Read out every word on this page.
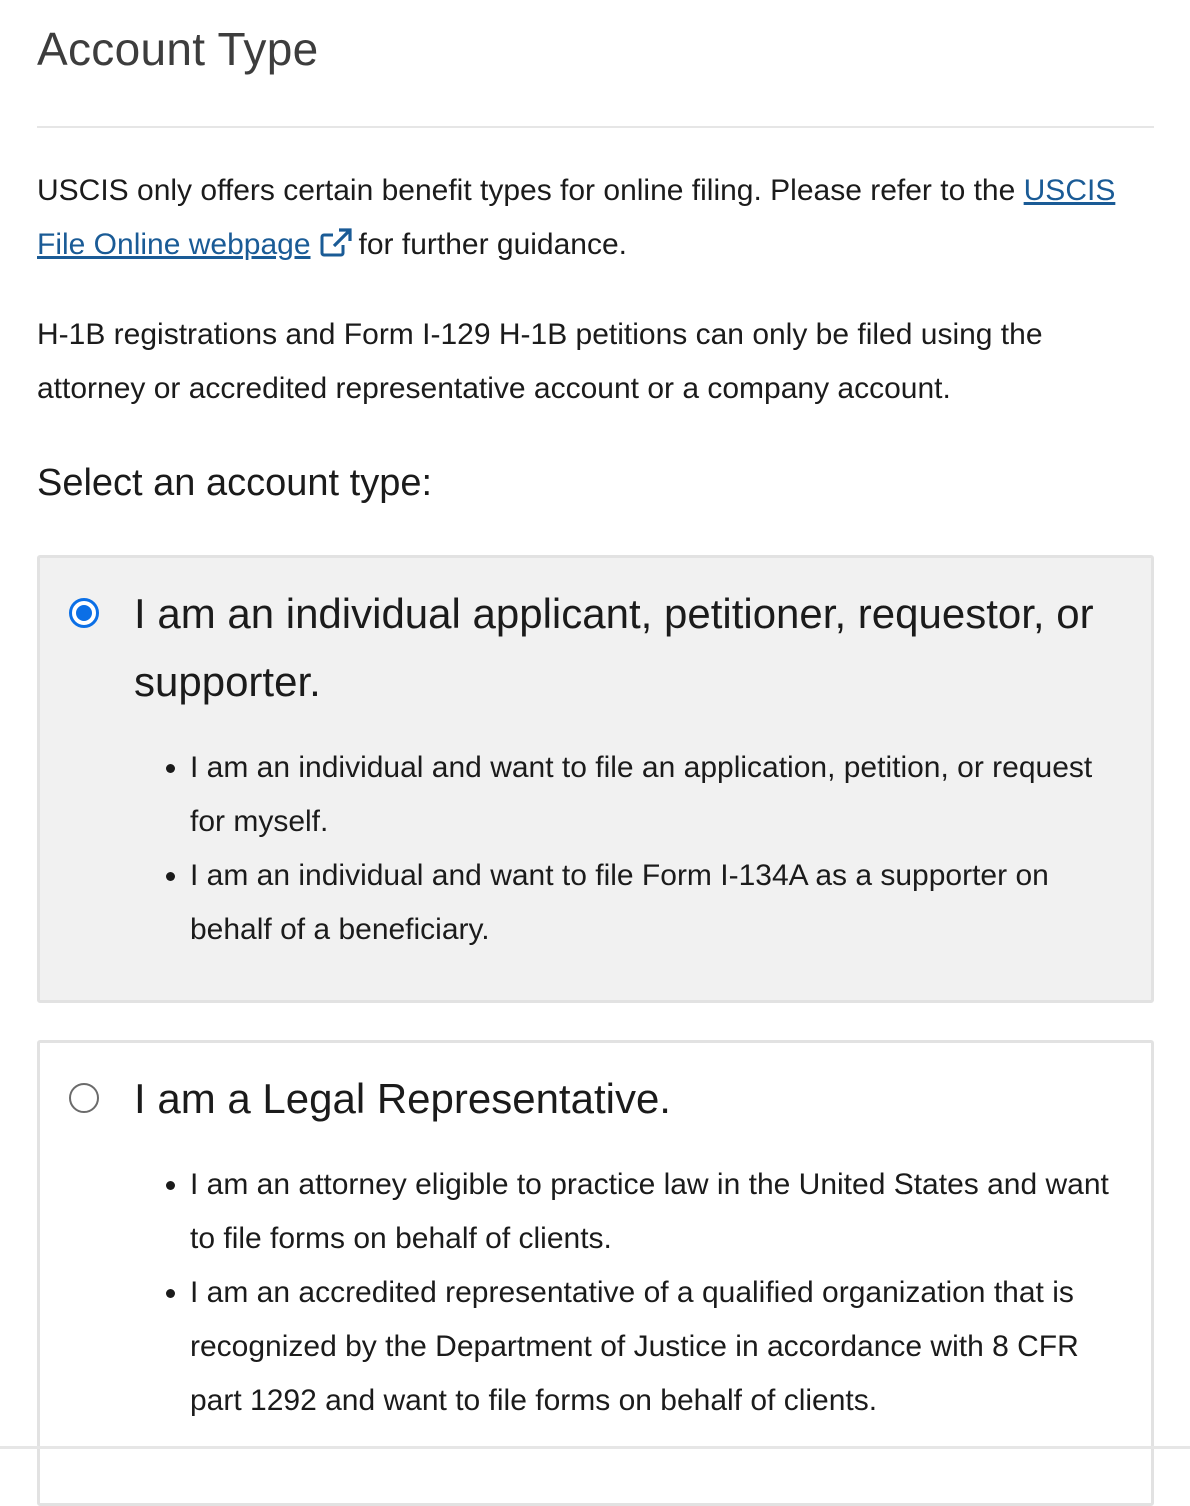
Account Type

USCIS only offers certain benefit types for online filing. Please refer to the USCIS File Online webpage for further guidance.

H-1B registrations and Form I-129 H-1B petitions can only be filed using the attorney or accredited representative account or a company account.

Select an account type:
I am an individual applicant, petitioner, requestor, or supporter.
• I am an individual and want to file an application, petition, or request for myself.
• I am an individual and want to file Form I-134A as a supporter on behalf of a beneficiary.
I am a Legal Representative.
• I am an attorney eligible to practice law in the United States and want to file forms on behalf of clients.
• I am an accredited representative of a qualified organization that is recognized by the Department of Justice in accordance with 8 CFR part 1292 and want to file forms on behalf of clients.
